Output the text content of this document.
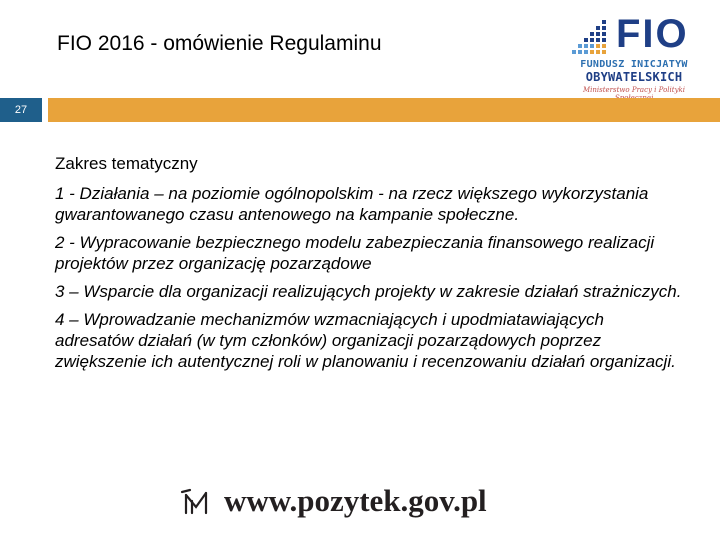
FIO 2016 - omówienie Regulaminu	FIO
FUNDUSZ INICJATYW
OBYWATELSKICH
Ministerstwo Pracy i Polityki
27
Zakres tematyczny
1 - Działania – na poziomie ogólnopolskim - na rzecz większego wykorzystania gwarantowanego czasu antenowego na kampanie społeczne.
2 - Wypracowanie bezpiecznego modelu zabezpieczania finansowego realizacji projektów przez organizację pozarządowe
3 – Wsparcie dla organizacji realizujących projekty w zakresie działań strażniczych.
4 – Wprowadzanie mechanizmów wzmacniających i upodmiatawiających adresatów działań (w tym członków) organizacji pozarządowych poprzez zwiększenie ich autentycznej roli w planowaniu i recenzowaniu działań organizacji.
www.pozytek.gov.pl
